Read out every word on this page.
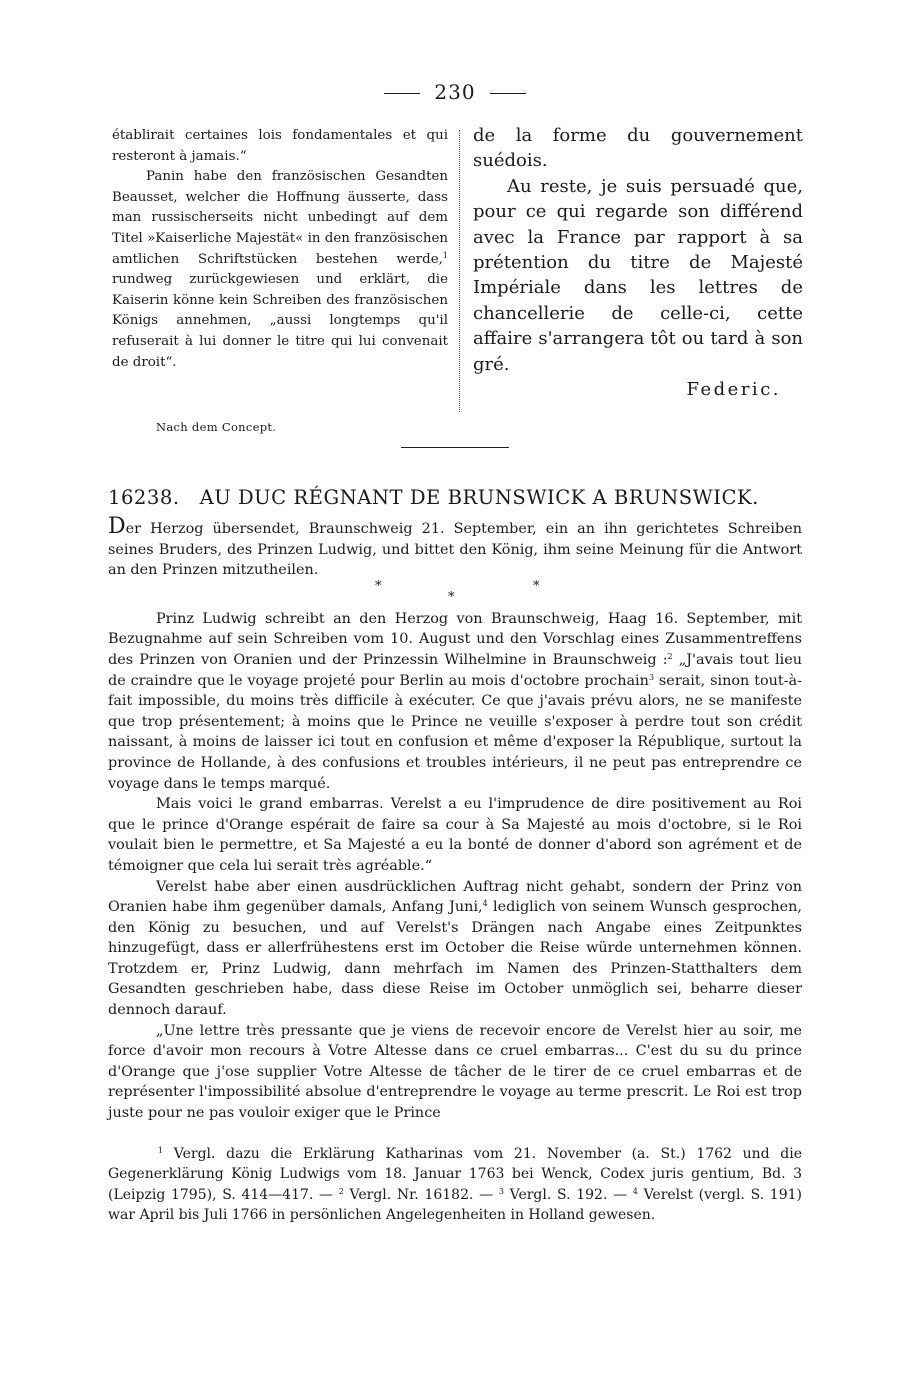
230

établirait certaines lois fondamentales et qui resteront à jamais.“

Panin habe den französischen Gesandten Beausset, welcher die Hoffnung äusserte, dass man russischerseits nicht unbedingt auf dem Titel »Kaiserliche Majestät« in den französischen amtlichen Schriftstücken bestehen werde,$^1$ rundweg zurückgewiesen und erklärt, die Kaiserin könne kein Schreiben des französischen Königs annehmen, „aussi longtemps qu'il refuserait à lui donner le titre qui lui convenait de droit“.

de la forme du gouvernement suédois.

Au reste, je suis persuadé que, pour ce qui regarde son différend avec la France par rapport à sa prétention du titre de Majesté Impériale dans les lettres de chancellerie de celle-ci, cette affaire s'arrangera tôt ou tard à son gré.

Federic.

Nach dem Concept.
16238. AU DUC RÉGNANT DE BRUNSWICK A BRUNSWICK.
Der Herzog übersendet, Braunschweig 21. September, ein an ihn gerichtetes Schreiben seines Bruders, des Prinzen Ludwig, und bittet den König, ihm seine Meinung für die Antwort an den Prinzen mitzutheilen.
*
*
*

Prinz Ludwig schreibt an den Herzog von Braunschweig, Haag 16. September, mit Bezugnahme auf sein Schreiben vom 10. August und den Vorschlag eines Zusammentreffens des Prinzen von Oranien und der Prinzessin Wilhelmine in Braunschweig :$^2$ „J'avais tout lieu de craindre que le voyage projeté pour Berlin au mois d'octobre prochain$^3$ serait, sinon tout-à-fait impossible, du moins très difficile à exécuter. Ce que j'avais prévu alors, ne se manifeste que trop présentement; à moins que le Prince ne veuille s'exposer à perdre tout son crédit naissant, à moins de laisser ici tout en confusion et même d'exposer la République, surtout la province de Hollande, à des confusions et troubles intérieurs, il ne peut pas entreprendre ce voyage dans le temps marqué.

Mais voici le grand embarras. Verelst a eu l'imprudence de dire positivement au Roi que le prince d'Orange espérait de faire sa cour à Sa Majesté au mois d'octobre, si le Roi voulait bien le permettre, et Sa Majesté a eu la bonté de donner d'abord son agrément et de témoigner que cela lui serait très agréable.“

Verelst habe aber einen ausdrücklichen Auftrag nicht gehabt, sondern der Prinz von Oranien habe ihm gegenüber damals, Anfang Juni,$^4$ lediglich von seinem Wunsch gesprochen, den König zu besuchen, und auf Verelst's Drängen nach Angabe eines Zeitpunktes hinzugefügt, dass er allerfrühestens erst im October die Reise würde unternehmen können. Trotzdem er, Prinz Ludwig, dann mehrfach im Namen des Prinzen-Statthalters dem Gesandten geschrieben habe, dass diese Reise im October unmöglich sei, beharre dieser dennoch darauf.

„Une lettre très pressante que je viens de recevoir encore de Verelst hier au soir, me force d'avoir mon recours à Votre Altesse dans ce cruel embarras... C'est du su du prince d'Orange que j'ose supplier Votre Altesse de tâcher de le tirer de ce cruel embarras et de représenter l'impossibilité absolue d'entreprendre le voyage au terme prescrit. Le Roi est trop juste pour ne pas vouloir exiger que le Prince

$^1$ Vergl. dazu die Erklärung Katharinas vom 21. November (a. St.) 1762 und die Gegenerklärung König Ludwigs vom 18. Januar 1763 bei Wenck, Codex juris gentium, Bd. 3 (Leipzig 1795), S. 414—417. — $^2$ Vergl. Nr. 16182. — $^3$ Vergl. S. 192. — $^4$ Verelst (vergl. S. 191) war April bis Juli 1766 in persönlichen Angelegenheiten in Holland gewesen.
